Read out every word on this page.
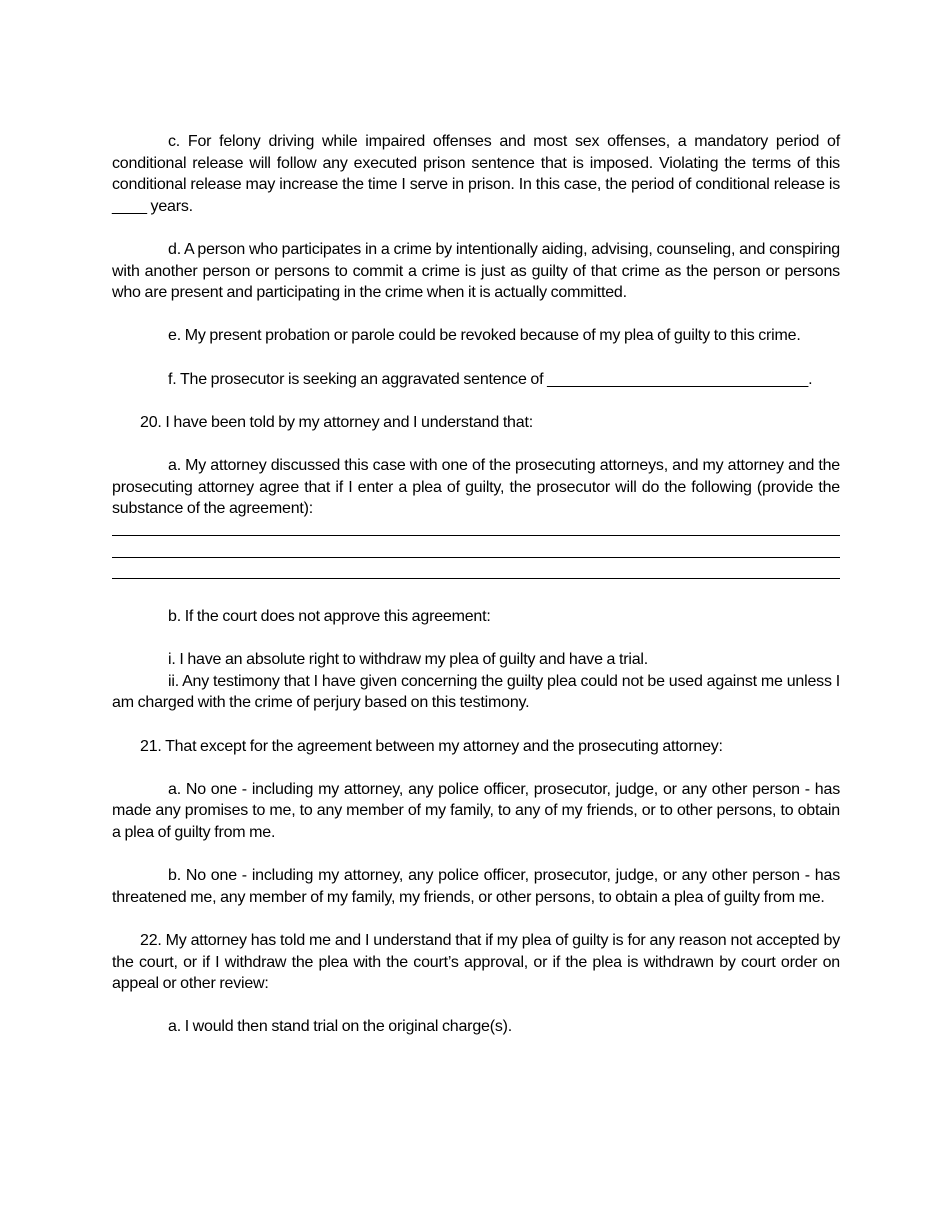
c. For felony driving while impaired offenses and most sex offenses, a mandatory period of conditional release will follow any executed prison sentence that is imposed. Violating the terms of this conditional release may increase the time I serve in prison. In this case, the period of conditional release is ____ years.

d. A person who participates in a crime by intentionally aiding, advising, counseling, and conspiring with another person or persons to commit a crime is just as guilty of that crime as the person or persons who are present and participating in the crime when it is actually committed.

e. My present probation or parole could be revoked because of my plea of guilty to this crime.

f. The prosecutor is seeking an aggravated sentence of ______________________________.

20. I have been told by my attorney and I understand that:

a. My attorney discussed this case with one of the prosecuting attorneys, and my attorney and the prosecuting attorney agree that if I enter a plea of guilty, the prosecutor will do the following (provide the substance of the agreement):

b. If the court does not approve this agreement:

i. I have an absolute right to withdraw my plea of guilty and have a trial.

ii. Any testimony that I have given concerning the guilty plea could not be used against me unless I am charged with the crime of perjury based on this testimony.

21. That except for the agreement between my attorney and the prosecuting attorney:

a. No one - including my attorney, any police officer, prosecutor, judge, or any other person - has made any promises to me, to any member of my family, to any of my friends, or to other persons, to obtain a plea of guilty from me.

b. No one - including my attorney, any police officer, prosecutor, judge, or any other person - has threatened me, any member of my family, my friends, or other persons, to obtain a plea of guilty from me.

22. My attorney has told me and I understand that if my plea of guilty is for any reason not accepted by the court, or if I withdraw the plea with the court’s approval, or if the plea is withdrawn by court order on appeal or other review:

a. I would then stand trial on the original charge(s).
